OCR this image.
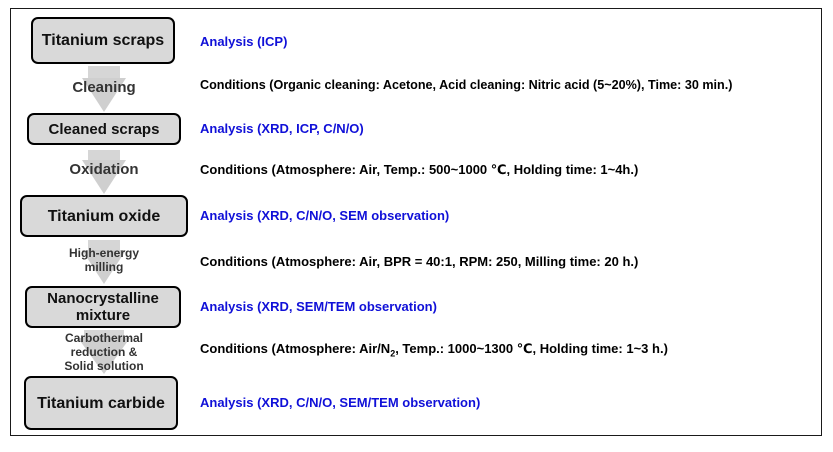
Titanium scraps
Cleaned scraps
Titanium oxide
Nanocrystalline mixture
Titanium carbide
Cleaning
Oxidation
High-energy
milling
Carbothermal
reduction &
Solid solution
Analysis (ICP)
Analysis (XRD, ICP, C/N/O)
Analysis (XRD, C/N/O, SEM observation)
Analysis (XRD, SEM/TEM observation)
Analysis (XRD, C/N/O, SEM/TEM observation)
Conditions (Organic cleaning: Acetone, Acid cleaning: Nitric acid (5~20%), Time: 30 min.)
Conditions (Atmosphere: Air, Temp.: 500~1000 ℃, Holding time: 1~4h.)
Conditions (Atmosphere: Air, BPR = 40:1, RPM: 250, Milling time: 20 h.)
Conditions (Atmosphere: Air/$N_2$, Temp.: 1000~1300 ℃, Holding time: 1~3 h.)
